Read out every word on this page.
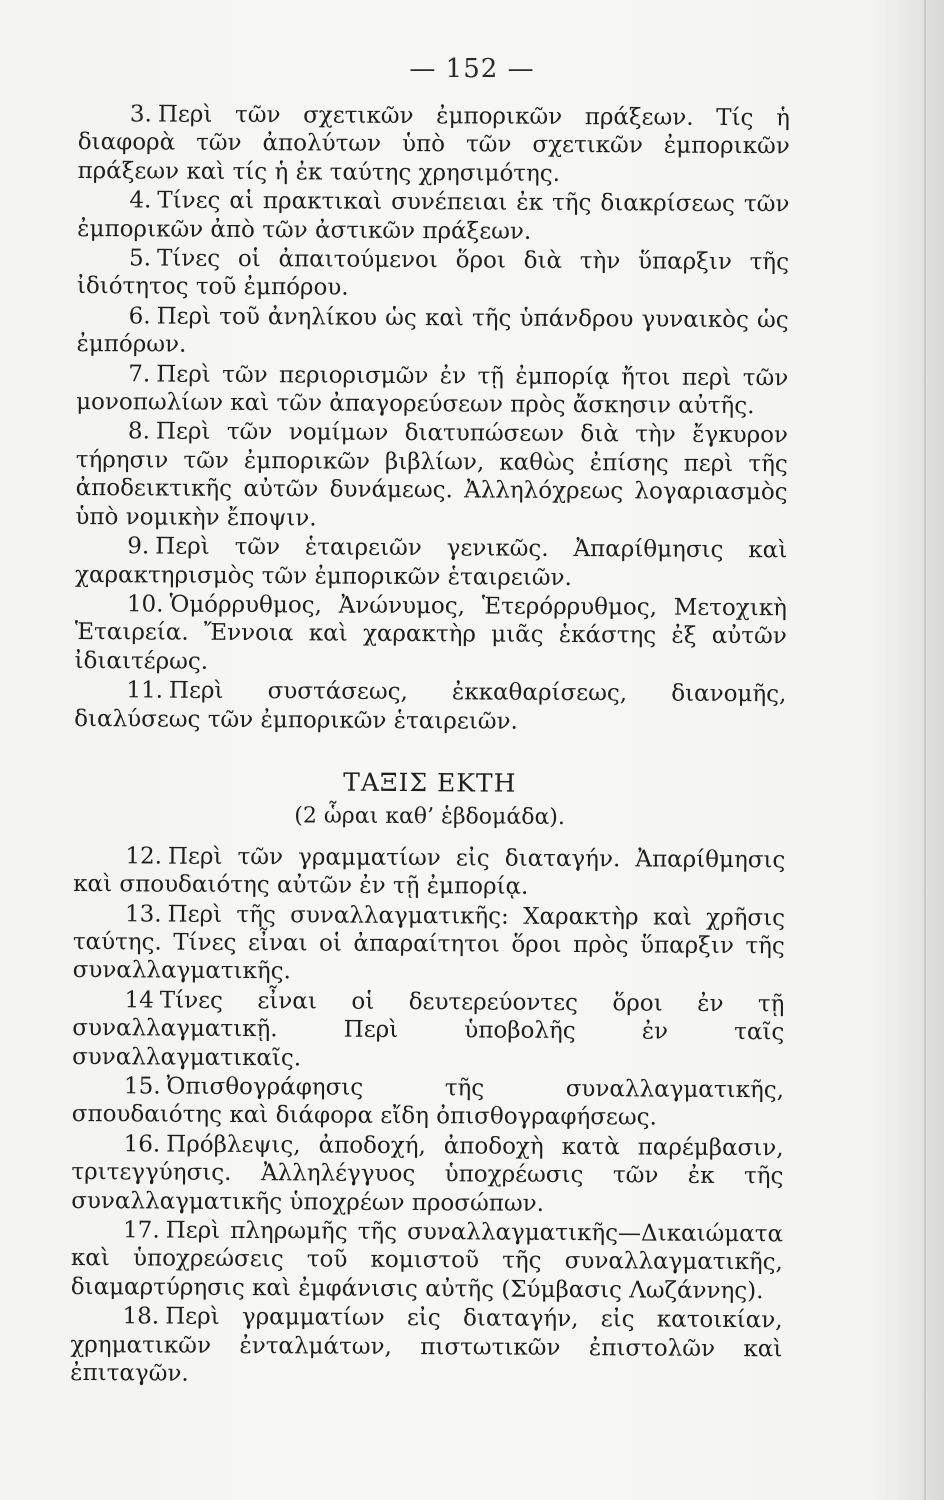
— 152 —

3. Περὶ τῶν σχετικῶν ἐμπορικῶν πράξεων. Τίς ἡ διαφορὰ τῶν ἀπολύτων ὑπὸ τῶν σχετικῶν ἐμπορικῶν πράξεων καὶ τίς ἡ ἐκ ταύτης χρησιμότης.

4. Τίνες αἱ πρακτικαὶ συνέπειαι ἐκ τῆς διακρίσεως τῶν ἐμπορικῶν ἀπὸ τῶν ἀστικῶν πράξεων.

5. Τίνες οἱ ἀπαιτούμενοι ὅροι διὰ τὴν ὕπαρξιν τῆς ἰδιότητος τοῦ ἐμπόρου.

6. Περὶ τοῦ ἀνηλίκου ὡς καὶ τῆς ὑπάνδρου γυναικὸς ὡς ἐμπόρων.

7. Περὶ τῶν περιορισμῶν ἐν τῇ ἐμπορίᾳ ἤτοι περὶ τῶν μονοπωλίων καὶ τῶν ἀπαγορεύσεων πρὸς ἄσκησιν αὐτῆς.

8. Περὶ τῶν νομίμων διατυπώσεων διὰ τὴν ἔγκυρον τήρησιν τῶν ἐμπορικῶν βιβλίων, καθὼς ἐπίσης περὶ τῆς ἀποδεικτικῆς αὐτῶν δυνάμεως. Ἀλληλόχρεως λογαριασμὸς ὑπὸ νομικὴν ἔποψιν.

9. Περὶ τῶν ἑταιρειῶν γενικῶς. Ἀπαρίθμησις καὶ χαρακτηρισμὸς τῶν ἐμπορικῶν ἑταιρειῶν.

10. Ὁμόρρυθμος, Ἀνώνυμος, Ἑτερόρρυθμος, Μετοχικὴ Ἑταιρεία. Ἔννοια καὶ χαρακτὴρ μιᾶς ἑκάστης ἐξ αὐτῶν ἰδιαιτέρως.

11. Περὶ συστάσεως, ἐκκαθαρίσεως, διανομῆς, διαλύσεως τῶν ἐμπορικῶν ἑταιρειῶν.

ΤΑΞΙΣ ΕΚΤΗ
(2 ὧραι καθ’ ἑβδομάδα).

12. Περὶ τῶν γραμματίων εἰς διαταγήν. Ἀπαρίθμησις καὶ σπουδαιότης αὐτῶν ἐν τῇ ἐμπορίᾳ.

13. Περὶ τῆς συναλλαγματικῆς: Χαρακτὴρ καὶ χρῆσις ταύτης. Τίνες εἶναι οἱ ἀπαραίτητοι ὅροι πρὸς ὕπαρξιν τῆς συναλλαγματικῆς.

14 Τίνες εἶναι οἱ δευτερεύοντες ὅροι ἐν τῇ συναλλαγματικῇ. Περὶ ὑποβολῆς ἐν ταῖς συναλλαγματικαῖς.

15. Ὀπισθογράφησις τῆς συναλλαγματικῆς, σπουδαιότης καὶ διάφορα εἴδη ὀπισθογραφήσεως.

16. Πρόβλεψις, ἀποδοχή, ἀποδοχὴ κατὰ παρέμβασιν, τριτεγγύησις. Ἀλληλέγγυος ὑποχρέωσις τῶν ἐκ τῆς συναλλαγματικῆς ὑποχρέων προσώπων.

17. Περὶ πληρωμῆς τῆς συναλλαγματικῆς—Δικαιώματα καὶ ὑποχρεώσεις τοῦ κομιστοῦ τῆς συναλλαγματικῆς, διαμαρτύρησις καὶ ἐμφάνισις αὐτῆς (Σύμβασις Λωζάννης).

18. Περὶ γραμματίων εἰς διαταγήν, εἰς κατοικίαν, χρηματικῶν ἐνταλμάτων, πιστωτικῶν ἐπιστολῶν καὶ ἐπιταγῶν.
